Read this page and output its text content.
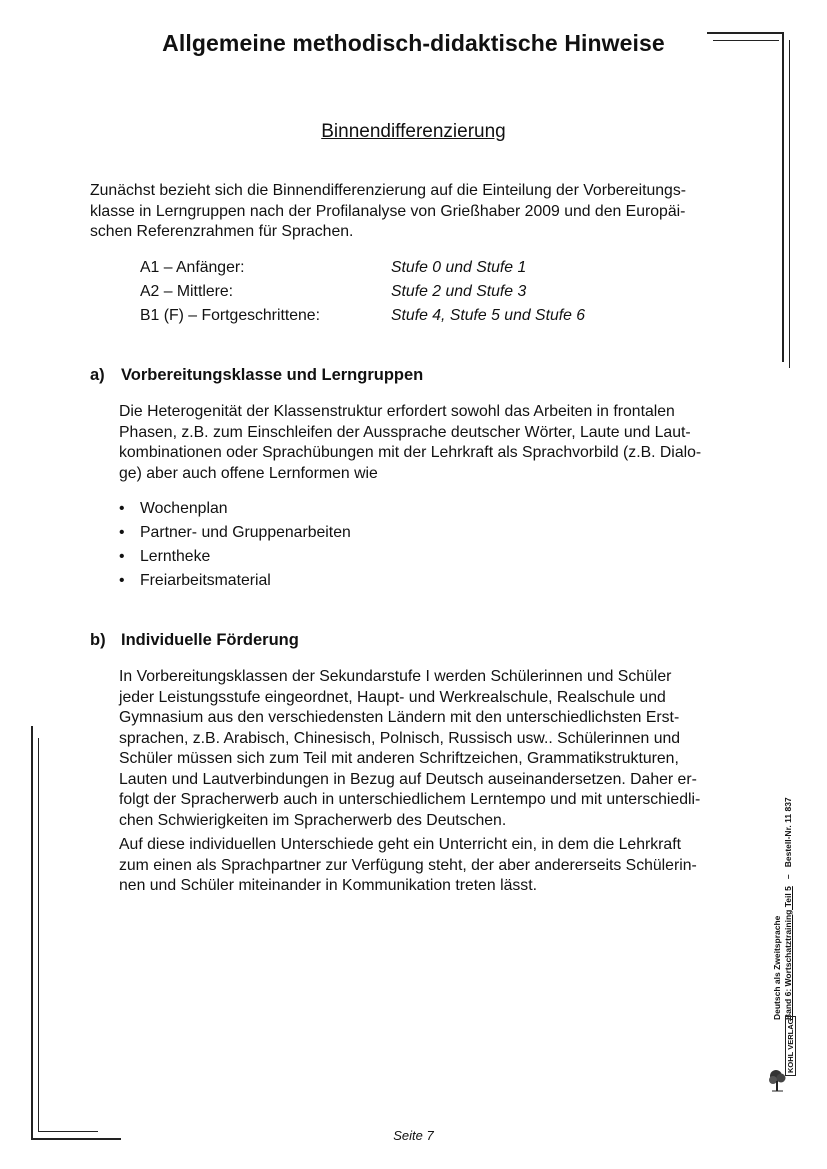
Allgemeine methodisch-didaktische Hinweise
Binnendifferenzierung
Zunächst bezieht sich die Binnendifferenzierung auf die Einteilung der Vorbereitungs-
klasse in Lerngruppen nach der Profilanalyse von Grießhaber 2009 und den Europäi-
schen Referenzrahmen für Sprachen.
A1 – Anfänger:	Stufe 0 und Stufe 1
A2 – Mittlere:	Stufe 2 und Stufe 3
B1 (F) – Fortgeschrittene:	Stufe 4, Stufe 5 und Stufe 6
a) Vorbereitungsklasse und Lerngruppen
Die Heterogenität der Klassenstruktur erfordert sowohl das Arbeiten in frontalen
Phasen, z.B. zum Einschleifen der Aussprache deutscher Wörter, Laute und Laut-
kombinationen oder Sprachübungen mit der Lehrkraft als Sprachvorbild (z.B. Dialo-
ge) aber auch offene Lernformen wie
• Wochenplan
• Partner- und Gruppenarbeiten
• Lerntheke
• Freiarbeitsmaterial
b) Individuelle Förderung
In Vorbereitungsklassen der Sekundarstufe I werden Schülerinnen und Schüler
jeder Leistungsstufe eingeordnet, Haupt- und Werkrealschule, Realschule und
Gymnasium aus den verschiedensten Ländern mit den unterschiedlichsten Erst-
sprachen, z.B. Arabisch, Chinesisch, Polnisch, Russisch usw.. Schülerinnen und
Schüler müssen sich zum Teil mit anderen Schriftzeichen, Grammatikstrukturen,
Lauten und Lautverbindungen in Bezug auf Deutsch auseinandersetzen. Daher er-
folgt der Spracherwerb auch in unterschiedlichem Lerntempo und mit unterschiedli-
chen Schwierigkeiten im Spracherwerb des Deutschen.
Auf diese individuellen Unterschiede geht ein Unterricht ein, in dem die Lehrkraft
zum einen als Sprachpartner zur Verfügung steht, der aber andererseits Schülerin-
nen und Schüler miteinander in Kommunikation treten lässt.
Deutsch als Zweitsprache Band 6: Wortschatztraining Teil 5   –   Bestell-Nr. 11 837
KOHL VERLAG
Seite 7
